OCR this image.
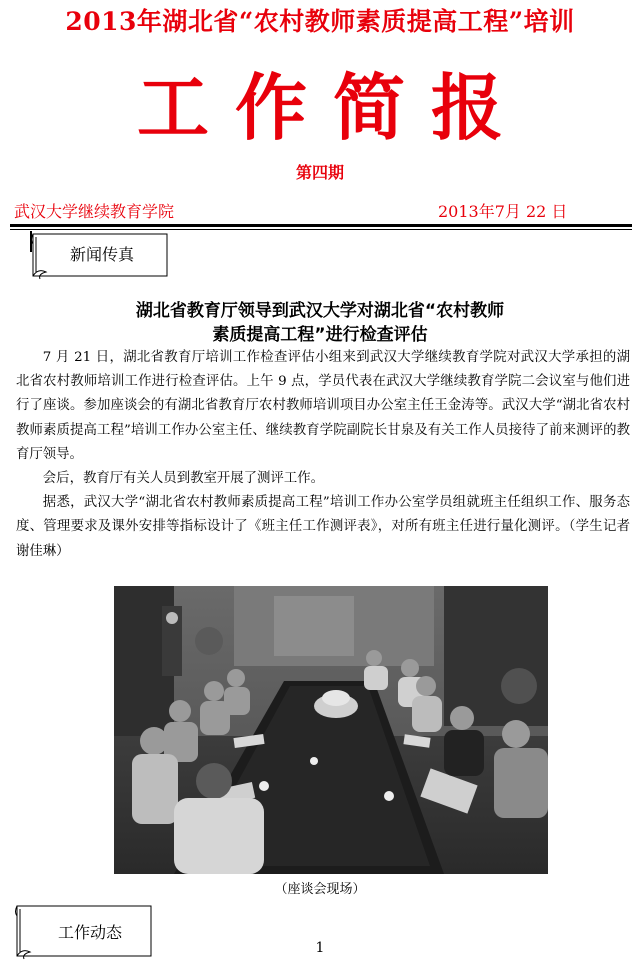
2013年湖北省“农村教师素质提高工程”培训
工作简报
第四期
武汉大学继续教育学院	2013年7月 22 日
新闻传真
湖北省教育厅领导到武汉大学对湖北省“农村教师
素质提高工程”进行检查评估

7 月 21 日，湖北省教育厅培训工作检查评估小组来到武汉大学继续教育学院对武汉大学承担的湖北省农村教师培训工作进行检查评估。上午 9 点，学员代表在武汉大学继续教育学院二会议室与他们进行了座谈。参加座谈会的有湖北省教育厅农村教师培训项目办公室主任王金涛等。武汉大学“湖北省农村教师素质提高工程”培训工作办公室主任、继续教育学院副院长甘泉及有关工作人员接待了前来测评的教育厅领导。

会后，教育厅有关人员到教室开展了测评工作。

据悉，武汉大学“湖北省农村教师素质提高工程”培训工作办公室学员组就班主任组织工作、服务态度、管理要求及课外安排等指标设计了《班主任工作测评表》，对所有班主任进行量化测评。（学生记者 谢佳琳）

（座谈会现场）
工作动态
1
